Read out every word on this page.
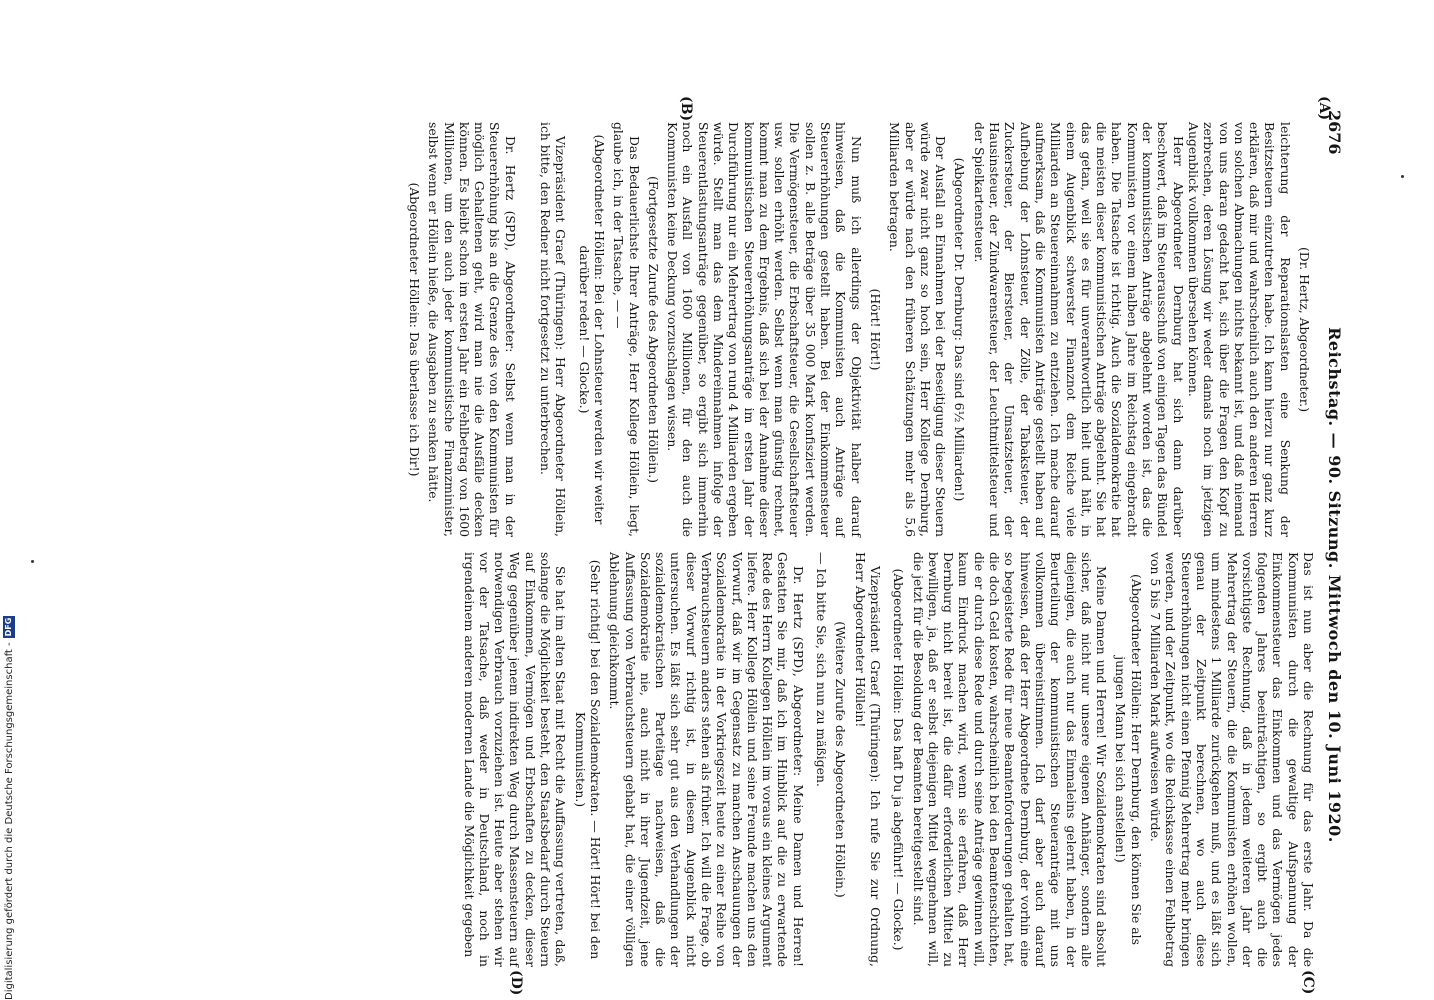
2676
Reichstag. — 90. Sitzung. Mittwoch den 10. Juni 1920.
(A)
(B)
(C)
(D)

(Dr. Hertz, Abgeordneter.)

leichterung der Reparationslasten eine Senkung der Besitzsteuern einzutreten habe. Ich kann hierzu nur ganz kurz erklären, daß mir und wahrscheinlich auch den anderen Herren von solchen Abmachungen nichts bekannt ist, und daß niemand von uns daran gedacht hat, sich über die Fragen den Kopf zu zerbrechen, deren Lösung wir weder damals noch im jetzigen Augenblick vollkommen übersehen können.

Herr Abgeordneter Dernburg hat sich dann darüber beschwert, daß im Steuerausschuß von einigen Tagen das Bündel der kommunistischen Anträge abgelehnt worden ist, das die Kommunisten vor einem halben Jahre im Reichstag eingebracht haben. Die Tatsache ist richtig. Auch die Sozialdemokratie hat die meisten dieser kommunistischen Anträge abgelehnt. Sie hat das getan, weil sie es für unverantwortlich hielt und hält, in einem Augenblick schwerster Finanznot dem Reiche viele Milliarden an Steuereinnahmen zu entziehen. Ich mache darauf aufmerksam, daß die Kommunisten Anträge gestellt haben auf Aufhebung der Lohnsteuer, der Zölle, der Tabaksteuer, der Zuckersteuer, der Biersteuer, der Umsatzsteuer, der Hausinsteuer, der Zündwarensteuer, der Leuchtmittelsteuer und der Spielkartensteuer.

(Abgeordneter Dr. Dernburg: Das sind 6½ Milliarden!)

Der Ausfall an Einnahmen bei der Beseitigung dieser Steuern würde zwar nicht ganz so hoch sein, Herr Kollege Dernburg, aber er würde nach den früheren Schätzungen mehr als 5,6 Milliarden betragen.

(Hört! Hört!)

Nun muß ich allerdings der Objektivität halber darauf hinweisen, daß die Kommunisten auch Anträge auf Steuererhöhungen gestellt haben. Bei der Einkommensteuer sollen z. B. alle Beträge über 35 000 Mark konfisziert werden. Die Vermögensteuer, die Erbschaftsteuer, die Gesellschaftsteuer usw. sollen erhöht werden. Selbst wenn man günstig rechnet, kommt man zu dem Ergebnis, daß sich bei der Annahme dieser kommunistischen Steuererhöhungsanträge im ersten Jahr der Durchführung nur ein Mehrertrag von rund 4 Milliarden ergeben würde. Stellt man das dem Mindereinnahmen infolge der Steuerentlastungsanträge gegenüber, so ergibt sich immerhin noch ein Ausfall von 1600 Millionen, für den auch die Kommunisten keine Deckung vorzuschlagen wissen.

(Fortgesetzte Zurufe des Abgeordneten Höllein.)

Das Bedauerlichste Ihrer Anträge, Herr Kollege Höllein, liegt, glaube ich, in der Tatsache, — —

(Abgeordneter Höllein: Bei der Lohnsteuer werden wir weiter darüber reden! — Glocke.)

Vizepräsident Graef (Thüringen): Herr Abgeordneter Höllein, ich bitte, den Redner nicht fortgesetzt zu unterbrechen.

Dr. Hertz (SPD), Abgeordneter: Selbst wenn man in der Steuererhöhung bis an die Grenze des von den Kommunisten für möglich Gehaltenen geht, wird man nie die Ausfälle decken können. Es bleibt schon im ersten Jahr ein Fehlbetrag von 1600 Millionen, um den auch jeder kommunistische Finanzminister, selbst wenn er Höllein hieße, die Ausgaben zu senken hätte.

(Abgeordneter Höllein: Das überlasse ich Dir!)

Das ist nun aber die Rechnung für das erste Jahr. Da die Kommunisten durch die gewaltige Aufspannung der Einkommensteuer das Einkommen und das Vermögen jedes folgenden Jahres beeinträchtigen, so ergibt auch die vorsichtigste Rechnung, daß in jedem weiteren Jahr der Mehrertrag der Steuern, die die Kommunisten erhöhen wollen, um mindestens 1 Milliarde zurückgehen muß, und es läßt sich genau der Zeitpunkt berechnen, wo auch diese Steuererhöhungen nicht einen Pfennig Mehrertrag mehr bringen werden, und der Zeitpunkt, wo die Reichskasse einen Fehlbetrag von 5 bis 7 Milliarden Mark aufweisen würde.

(Abgeordneter Höllein: Herr Dernburg, den können Sie als jungen Mann bei sich anstellen!)

Meine Damen und Herren! Wir Sozialdemokraten sind absolut sicher, daß nicht nur unsere eigenen Anhänger, sondern alle diejenigen, die auch nur das Einmaleins gelernt haben, in der Beurteilung der kommunistischen Steueranträge mit uns vollkommen übereinstimmen. Ich darf aber auch darauf hinweisen, daß der Herr Abgeordnete Dernburg, der vorhin eine so begeisterte Rede für neue Beamtenforderungen gehalten hat, die doch Geld kosten, wahrscheinlich bei den Beamtenschichten, die er durch diese Rede und durch seine Anträge gewinnen will, kaum Eindruck machen wird, wenn sie erfahren, daß Herr Dernburg nicht bereit ist, die dafür erforderlichen Mittel zu bewilligen, ja, daß er selbst diejenigen Mittel wegnehmen will, die jetzt für die Besoldung der Beamten bereitgestellt sind.

(Abgeordneter Höllein: Das haft Du ja abgeführt! — Glocke.)

Vizepräsident Graef (Thüringen): Ich rufe Sie zur Ordnung, Herr Abgeordneter Höllein!

(Weitere Zurufe des Abgeordneten Höllein.)

— Ich bitte Sie, sich nun zu mäßigen.

Dr. Hertz (SPD), Abgeordneter: Meine Damen und Herren! Gestatten Sie mir, daß ich im Hinblick auf die zu erwartende Rede des Herrn Kollegen Höllein im voraus ein kleines Argument liefere. Herr Kollege Höllein und seine Freunde machen uns den Vorwurf, daß wir im Gegensatz zu manchen Anschauungen der Sozialdemokratie in der Vorkriegszeit heute zu einer Reihe von Verbrauchsteuern anders stehen als früher. Ich will die Frage, ob dieser Vorwurf richtig ist, in diesem Augenblick nicht untersuchen. Es läßt sich sehr gut aus den Verhandlungen der sozialdemokratischen Parteitage nachweisen, daß die Sozialdemokratie nie, auch nicht in ihrer Jugendzeit, jene Auffassung von Verbrauchsteuern gehabt hat, die einer völligen Ablehnung gleichkommt.

(Sehr richtig! bei den Sozialdemokraten. — Hört! Hört! bei den Kommunisten.)

Sie hat im alten Staat mit Recht die Auffassung vertreten, daß, solange die Möglichkeit besteht, den Staatsbedarf durch Steuern auf Einkommen, Vermögen und Erbschaften zu decken, dieser Weg gegenüber jenem indirekten Weg durch Massensteuern auf notwendigen Verbrauch vorzuziehen ist. Heute aber stehen wir vor der Tatsache, daß weder in Deutschland, noch in irgendeinem anderen modernen Lande die Möglichkeit gegeben

Digitalisierung gefördert durch die Deutsche Forschungsgemeinschaft -
DFG
